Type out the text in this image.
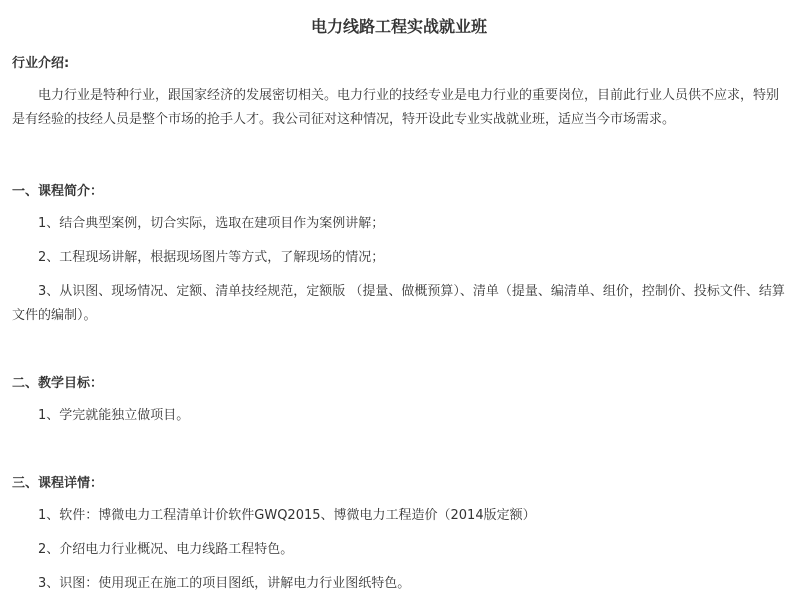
电力线路工程实战就业班

行业介绍:

电力行业是特种行业，跟国家经济的发展密切相关。电力行业的技经专业是电力行业的重要岗位，目前此行业人员供不应求，特别是有经验的技经人员是整个市场的抢手人才。我公司征对这种情况，特开设此专业实战就业班，适应当今市场需求。

一、课程简介：

1、结合典型案例，切合实际，选取在建项目作为案例讲解；

2、工程现场讲解，根据现场图片等方式，了解现场的情况；

3、从识图、现场情况、定额、清单技经规范，定额版 （提量、做概预算）、清单（提量、编清单、组价，控制价、投标文件、结算文件的编制）。

二、教学目标：

1、学完就能独立做项目。

三、课程详情：

1、软件：博微电力工程清单计价软件GWQ2015、博微电力工程造价（2014版定额）

2、介绍电力行业概况、电力线路工程特色。

3、识图：使用现正在施工的项目图纸，讲解电力行业图纸特色。
